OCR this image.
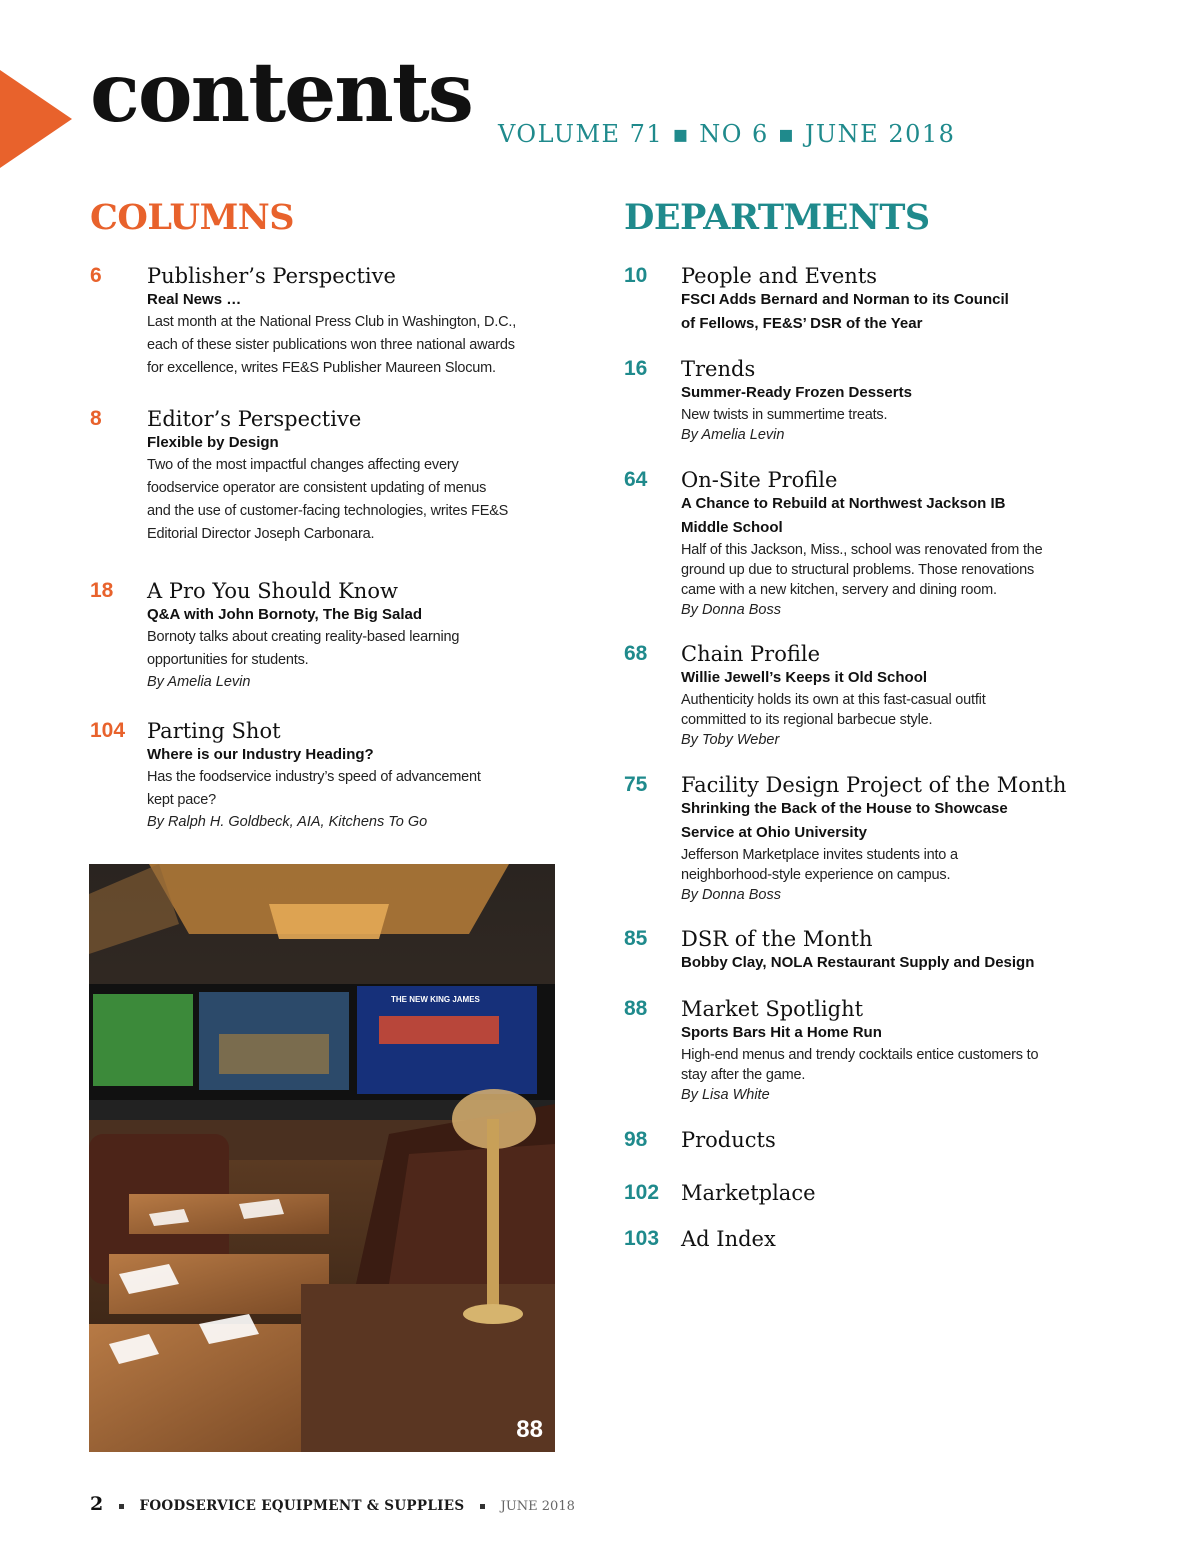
contents VOLUME 71 ▪ NO 6 ▪ JUNE 2018
COLUMNS	DEPARTMENTS
6 Publisher’s Perspective
Real News …
Last month at the National Press Club in Washington, D.C.,
each of these sister publications won three national awards
for excellence, writes FE&S Publisher Maureen Slocum.
8 Editor’s Perspective
Flexible by Design
Two of the most impactful changes affecting every
foodservice operator are consistent updating of menus
and the use of customer-facing technologies, writes FE&S
Editorial Director Joseph Carbonara.
18 A Pro You Should Know
Q&A with John Bornoty, The Big Salad
Bornoty talks about creating reality-based learning
opportunities for students.
By Amelia Levin
104 Parting Shot
Where is our Industry Heading?
Has the foodservice industry’s speed of advancement
kept pace?
By Ralph H. Goldbeck, AIA, Kitchens To Go
THE NEW KING JAMES
88
10 People and Events
FSCI Adds Bernard and Norman to its Council
of Fellows, FE&S’ DSR of the Year
16 Trends
Summer-Ready Frozen Desserts
New twists in summertime treats.
By Amelia Levin
64 On-Site Profile
A Chance to Rebuild at Northwest Jackson IB
Middle School
Half of this Jackson, Miss., school was renovated from the
ground up due to structural problems. Those renovations
came with a new kitchen, servery and dining room.
By Donna Boss
68 Chain Profile
Willie Jewell’s Keeps it Old School
Authenticity holds its own at this fast-casual outfit
committed to its regional barbecue style.
By Toby Weber
75 Facility Design Project of the Month
Shrinking the Back of the House to Showcase
Service at Ohio University
Jefferson Marketplace invites students into a
neighborhood-style experience on campus.
By Donna Boss
85 DSR of the Month
Bobby Clay, NOLA Restaurant Supply and Design
88 Market Spotlight
Sports Bars Hit a Home Run
High-end menus and trendy cocktails entice customers to
stay after the game.
By Lisa White
98 Products
102 Marketplace
103 Ad Index
2	FOODSERVICE EQUIPMENT & SUPPLIES	JUNE 2018
